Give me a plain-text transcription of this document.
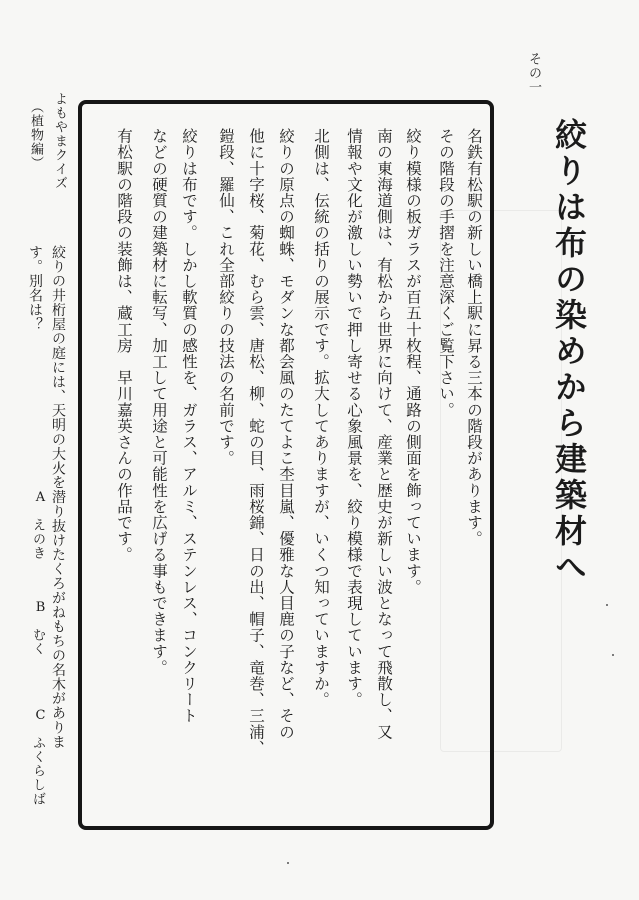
その一
絞りは布の染めから建築材へ
名鉄有松駅の新しい橋上駅に昇る三本の階段があります。
その階段の手摺を注意深くご覧下さい。
絞り模様の板ガラスが百五十枚程、通路の側面を飾っています。
南の東海道側は、有松から世界に向けて、産業と歴史が新しい波となって飛散し、又
情報や文化が激しい勢いで押し寄せる心象風景を、絞り模様で表現しています。
北側は、伝統の括りの展示です。拡大してありますが、いくつ知っていますか。
絞りの原点の蜘蛛、モダンな都会風のたてよこ杢目嵐、優雅な人目鹿の子など、その
他に十字桜、菊花、むら雲、唐松、柳、蛇の目、雨桜錦、日の出、帽子、竜巻、三浦、
鎧段、羅仙、これ全部絞りの技法の名前です。
絞りは布です。しかし軟質の感性を、ガラス、アルミ、ステンレス、コンクリート
などの硬質の建築材に転写、加工して用途と可能性を広げる事もできます。
有松駅の階段の装飾は、蔵工房　早川嘉英さんの作品です。
よもやまクイズ
（植物編）
絞りの井桁屋の庭には、天明の大火を潜り抜けたくろがねもちの名木がありま
す。別名は？
A
えのき
B
むく
C
ふくらしば
